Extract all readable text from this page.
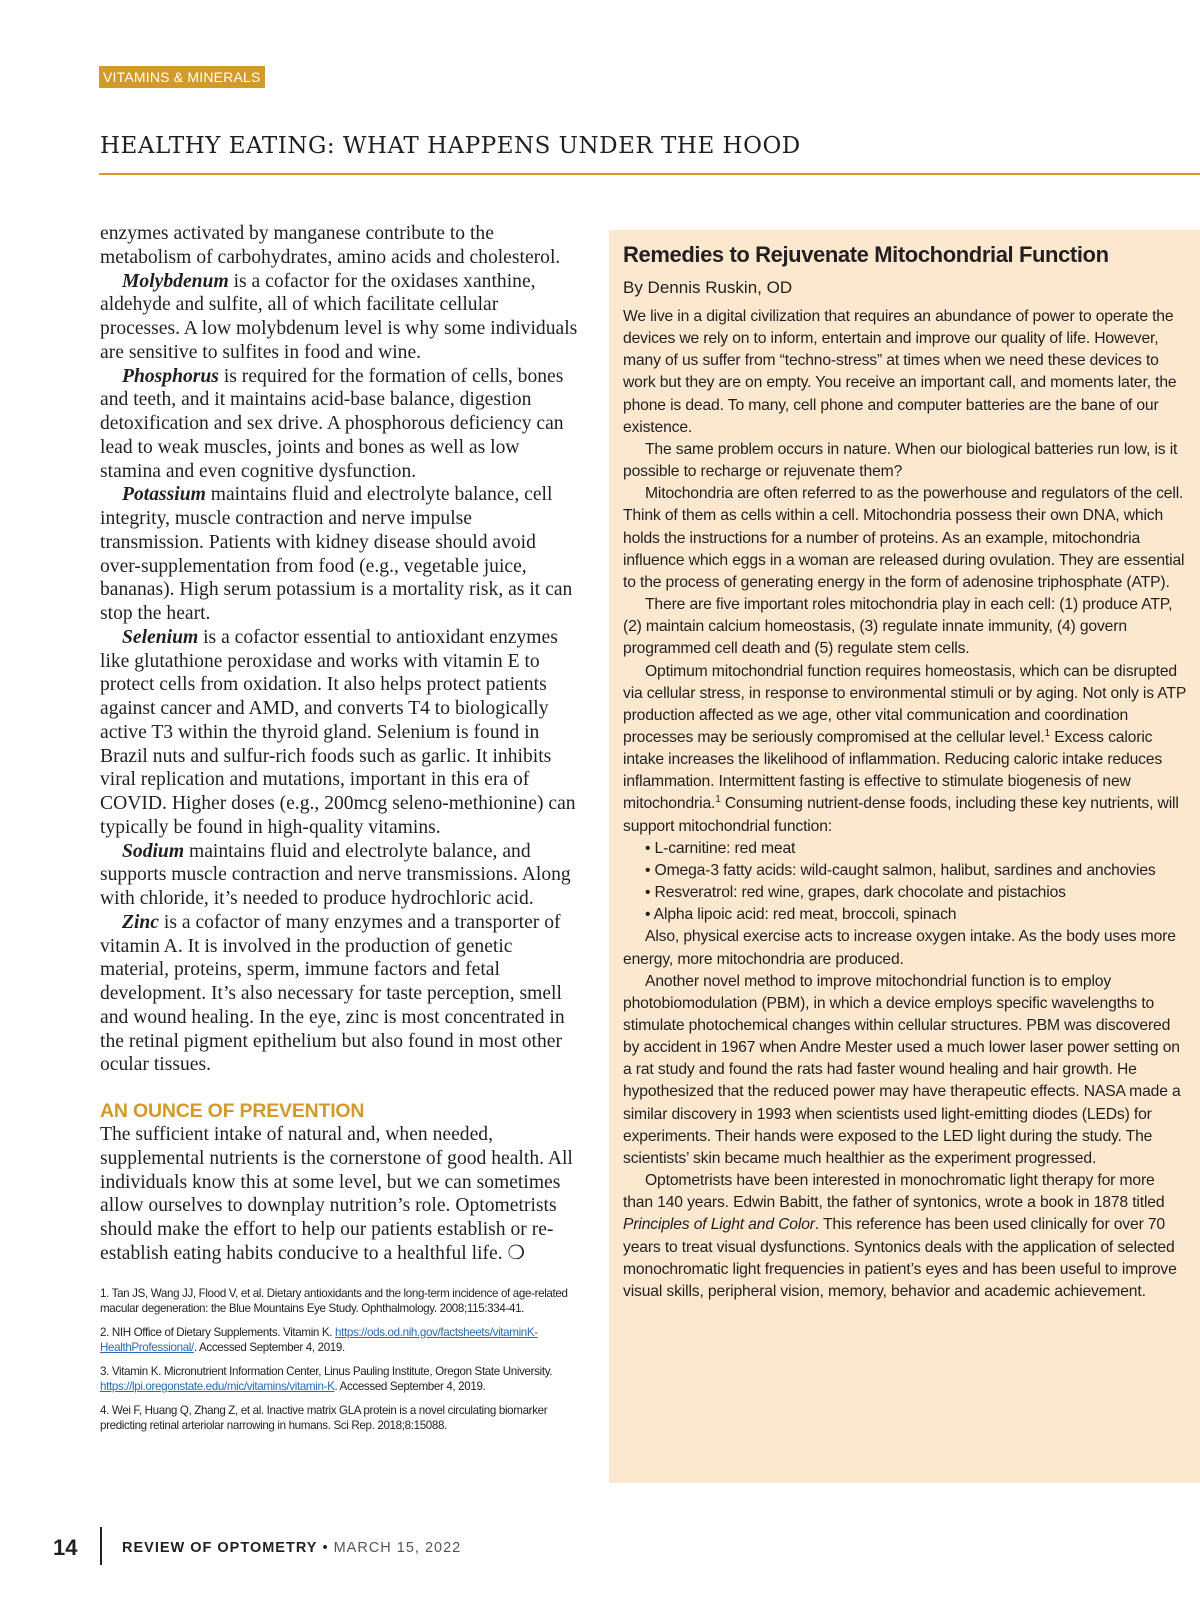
VITAMINS & MINERALS
HEALTHY EATING: WHAT HAPPENS UNDER THE HOOD

enzymes activated by manganese contribute to the metabolism of carbohydrates, amino acids and cholesterol.

Molybdenum is a cofactor for the oxidases xanthine, aldehyde and sulfite, all of which facilitate cellular processes. A low molybdenum level is why some individuals are sensitive to sulfites in food and wine.

Phosphorus is required for the formation of cells, bones and teeth, and it maintains acid-base balance, digestion detoxification and sex drive. A phosphorous deficiency can lead to weak muscles, joints and bones as well as low stamina and even cognitive dysfunction.

Potassium maintains fluid and electrolyte balance, cell integrity, muscle contraction and nerve impulse transmission. Patients with kidney disease should avoid over-supplementation from food (e.g., vegetable juice, bananas). High serum potassium is a mortality risk, as it can stop the heart.

Selenium is a cofactor essential to antioxidant enzymes like glutathione peroxidase and works with vitamin E to protect cells from oxidation. It also helps protect patients against cancer and AMD, and converts T4 to biologically active T3 within the thyroid gland. Selenium is found in Brazil nuts and sulfur-rich foods such as garlic. It inhibits viral replication and mutations, important in this era of COVID. Higher doses (e.g., 200mcg seleno-methionine) can typically be found in high-quality vitamins.

Sodium maintains fluid and electrolyte balance, and supports muscle contraction and nerve transmissions. Along with chloride, it’s needed to produce hydrochloric acid.

Zinc is a cofactor of many enzymes and a transporter of vitamin A. It is involved in the production of genetic material, proteins, sperm, immune factors and fetal development. It’s also necessary for taste perception, smell and wound healing. In the eye, zinc is most concentrated in the retinal pigment epithelium but also found in most other ocular tissues.

AN OUNCE OF PREVENTION

The sufficient intake of natural and, when needed, supplemental nutrients is the cornerstone of good health. All individuals know this at some level, but we can sometimes allow ourselves to downplay nutrition’s role. Optometrists should make the effort to help our patients establish or re-establish eating habits conducive to a healthful life. ❍

1. Tan JS, Wang JJ, Flood V, et al. Dietary antioxidants and the long-term incidence of age-related macular degeneration: the Blue Mountains Eye Study. Ophthalmology. 2008;115:334-41.

2. NIH Office of Dietary Supplements. Vitamin K. https://ods.od.nih.gov/factsheets/vitaminK-HealthProfessional/. Accessed September 4, 2019.

3. Vitamin K. Micronutrient Information Center, Linus Pauling Institute, Oregon State University. https://lpi.oregonstate.edu/mic/vitamins/vitamin-K. Accessed September 4, 2019.

4. Wei F, Huang Q, Zhang Z, et al. Inactive matrix GLA protein is a novel circulating biomarker predicting retinal arteriolar narrowing in humans. Sci Rep. 2018;8:15088.

Remedies to Rejuvenate Mitochondrial Function
By Dennis Ruskin, OD

We live in a digital civilization that requires an abundance of power to operate the devices we rely on to inform, entertain and improve our quality of life. However, many of us suffer from “techno-stress” at times when we need these devices to work but they are on empty. You receive an important call, and moments later, the phone is dead. To many, cell phone and computer batteries are the bane of our existence.

The same problem occurs in nature. When our biological batteries run low, is it possible to recharge or rejuvenate them?

Mitochondria are often referred to as the powerhouse and regulators of the cell. Think of them as cells within a cell. Mitochondria possess their own DNA, which holds the instructions for a number of proteins. As an example, mitochondria influence which eggs in a woman are released during ovulation. They are essential to the process of generating energy in the form of adenosine triphosphate (ATP).

There are five important roles mitochondria play in each cell: (1) produce ATP, (2) maintain calcium homeostasis, (3) regulate innate immunity, (4) govern programmed cell death and (5) regulate stem cells.

Optimum mitochondrial function requires homeostasis, which can be disrupted via cellular stress, in response to environmental stimuli or by aging. Not only is ATP production affected as we age, other vital communication and coordination processes may be seriously compromised at the cellular level.$^1$ Excess caloric intake increases the likelihood of inflammation. Reducing caloric intake reduces inflammation. Intermittent fasting is effective to stimulate biogenesis of new mitochondria.$^1$ Consuming nutrient-dense foods, including these key nutrients, will support mitochondrial function:

• L-carnitine: red meat

• Omega-3 fatty acids: wild-caught salmon, halibut, sardines and anchovies

• Resveratrol: red wine, grapes, dark chocolate and pistachios

• Alpha lipoic acid: red meat, broccoli, spinach

Also, physical exercise acts to increase oxygen intake. As the body uses more energy, more mitochondria are produced.

Another novel method to improve mitochondrial function is to employ photobiomodulation (PBM), in which a device employs specific wavelengths to stimulate photochemical changes within cellular structures. PBM was discovered by accident in 1967 when Andre Mester used a much lower laser power setting on a rat study and found the rats had faster wound healing and hair growth. He hypothesized that the reduced power may have therapeutic effects. NASA made a similar discovery in 1993 when scientists used light-emitting diodes (LEDs) for experiments. Their hands were exposed to the LED light during the study. The scientists’ skin became much healthier as the experiment progressed.

Optometrists have been interested in monochromatic light therapy for more than 140 years. Edwin Babitt, the father of syntonics, wrote a book in 1878 titled Principles of Light and Color. This reference has been used clinically for over 70 years to treat visual dysfunctions. Syntonics deals with the application of selected monochromatic light frequencies in patient’s eyes and has been useful to improve visual skills, peripheral vision, memory, behavior and academic achievement.

14	REVIEW OF OPTOMETRY • MARCH 15, 2022
